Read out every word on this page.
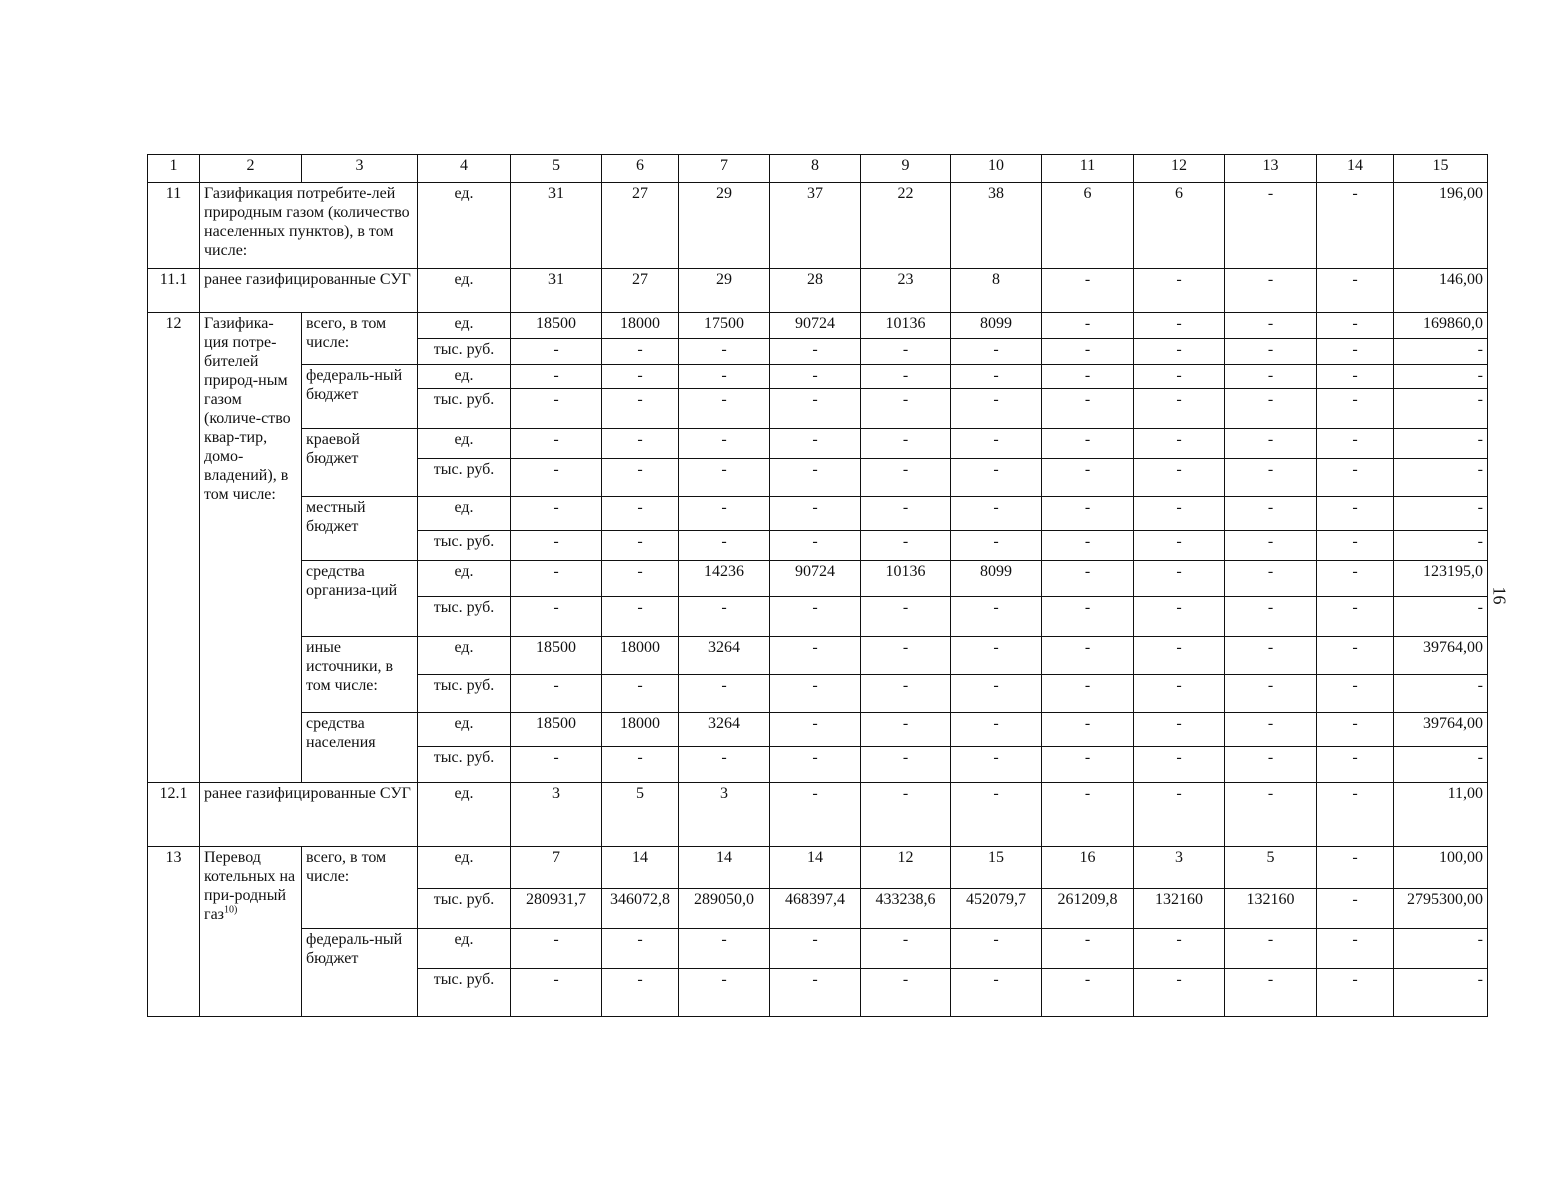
16
1	2	3	4	5	6	7	8	9	10	11	12	13	14	15
11	Газификация потребите-лей природным газом (количество населенных пунктов), в том числе:		ед.	31	27	29	37	22	38	6	6	-	-	196,00
11.1	ранее газифицированные СУГ		ед.	31	27	29	28	23	8	-	-	-	-	146,00
12	Газифика-ция потре-бителей природ-ным газом (количе-ство квар-тир, домо-владений), в том числе:	всего, в том числе:	ед.	18500	18000	17500	90724	10136	8099	-	-	-	-	169860,0
			тыс. руб.	-	-	-	-	-	-	-	-	-	-	-
		федераль-ный бюджет	ед.	-	-	-	-	-	-	-	-	-	-	-
			тыс. руб.	-	-	-	-	-	-	-	-	-	-	-
		краевой бюджет	ед.	-	-	-	-	-	-	-	-	-	-	-
			тыс. руб.	-	-	-	-	-	-	-	-	-	-	-
		местный бюджет	ед.	-	-	-	-	-	-	-	-	-	-	-
			тыс. руб.	-	-	-	-	-	-	-	-	-	-	-
		средства организа-ций	ед.	-	-	14236	90724	10136	8099	-	-	-	-	123195,0
			тыс. руб.	-	-	-	-	-	-	-	-	-	-	-
		иные источники, в том числе:	ед.	18500	18000	3264	-	-	-	-	-	-	-	39764,00
			тыс. руб.	-	-	-	-	-	-	-	-	-	-	-
		средства населения	ед.	18500	18000	3264	-	-	-	-	-	-	-	39764,00
			тыс. руб.	-	-	-	-	-	-	-	-	-	-	-
12.1	ранее газифицированные СУГ		ед.	3	5	3	-	-	-	-	-	-	-	11,00
13	Перевод котельных на при-родный газ$^{10)}$	всего, в том числе:	ед.	7	14	14	14	12	15	16	3	5	-	100,00
			тыс. руб.	280931,7	346072,8	289050,0	468397,4	433238,6	452079,7	261209,8	132160	132160	-	2795300,00
		федераль-ный бюджет	ед.	-	-	-	-	-	-	-	-	-	-	-
			тыс. руб.	-	-	-	-	-	-	-	-	-	-	-
